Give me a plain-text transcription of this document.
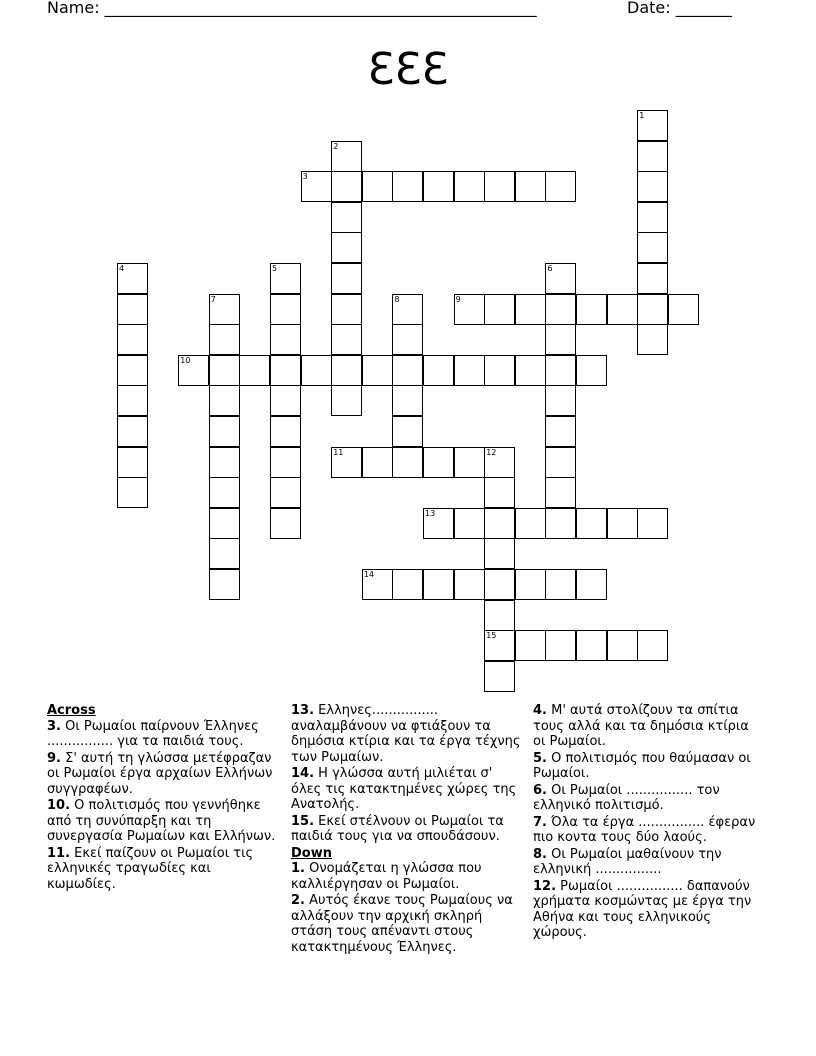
Name: ______________________________________________________	Date: _______
ƐƐƐ
1
2
3
4	5	6
7	8	9
10
11	12
15
13
14
Across
3. Οι Ρωμαίοι παίρνουν Έλληνες ................ για τα παιδιά τους.
9. Σ' αυτή τη γλώσσα μετέφραζαν οι Ρωμαίοι έργα αρχαίων Ελλήνων συγγραφέων.
10. Ο πολιτισμός που γεννήθηκε από τη συνύπαρξη και τη συνεργασία Ρωμαίων και Ελλήνων.
11. Εκεί παίζουν οι Ρωμαίοι τις ελληνικές τραγωδίες και κωμωδίες.
13. Ελληνες................ αναλαμβάνουν να φτιάξουν τα δημόσια κτίρια και τα έργα τέχνης των Ρωμαίων.
14. Η γλώσσα αυτή μιλιέται σ' όλες τις κατακτημένες χώρες της Ανατολής.
15. Εκεί στέλνουν οι Ρωμαίοι τα παιδιά τους για να σπουδάσουν.
Down
1. Ονομάζεται η γλώσσα που καλλιέργησαν οι Ρωμαίοι.
2. Αυτός έκανε τους Ρωμαίους να αλλάξουν την αρχική σκληρή στάση τους απέναντι στους κατακτημένους Έλληνες.
4. Μ' αυτά στολίζουν τα σπίτια τους αλλά και τα δημόσια κτίρια οι Ρωμαίοι.
5. Ο πολιτισμός που θαύμασαν οι Ρωμαίοι.
6. Οι Ρωμαίοι ................ τον ελληνικό πολιτισμό.
7. Όλα τα έργα ................ έφεραν πιο κοντα τους δύο λαούς.
8. Οι Ρωμαίοι μαθαίνουν την ελληνική ................
12. Ρωμαίοι ................ δαπανούν χρήματα κοσμώντας με έργα την Αθήνα και τους ελληνικούς χώρους.
